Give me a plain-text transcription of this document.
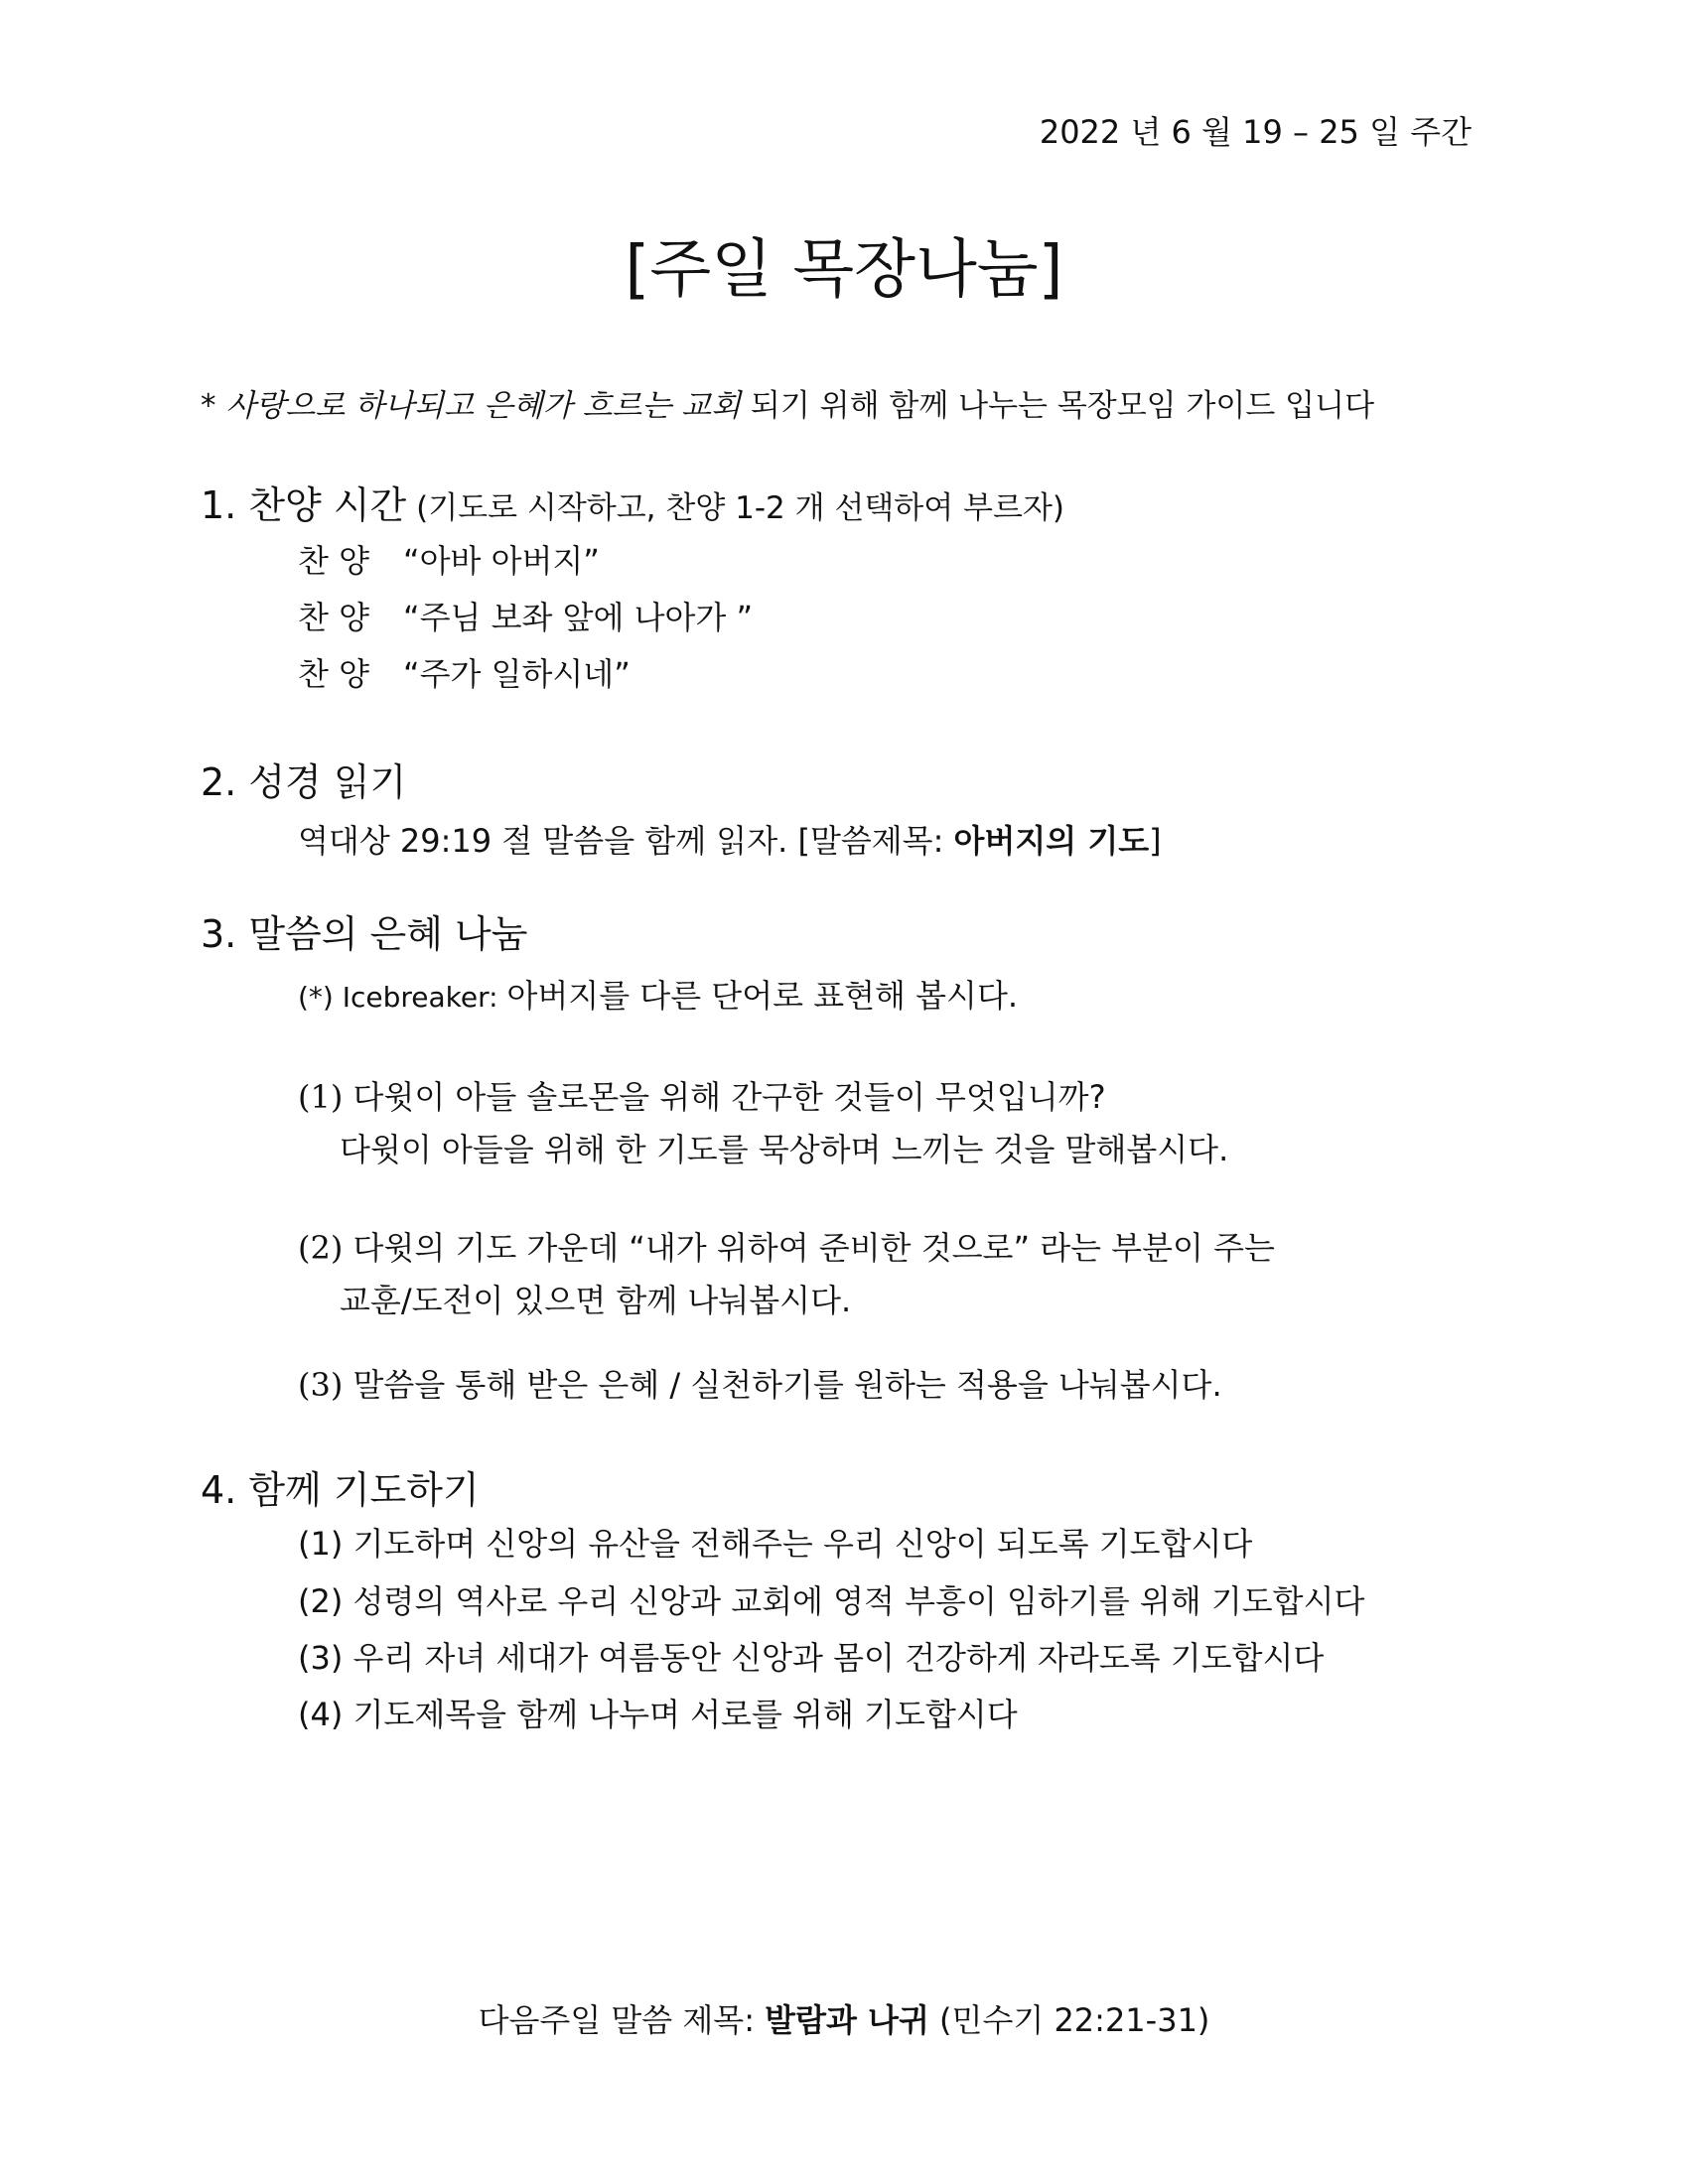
2022 년 6 월 19 – 25 일 주간
[주일 목장나눔]
* 사랑으로 하나되고 은혜가 흐르는 교회 되기 위해 함께 나누는 목장모임 가이드 입니다
1. 찬양 시간 (기도로 시작하고, 찬양 1-2 개 선택하여 부르자)
찬 양 “아바 아버지”
찬 양 “주님 보좌 앞에 나아가 ”
찬 양 “주가 일하시네”
2. 성경 읽기
역대상 29:19 절 말씀을 함께 읽자. [말씀제목: 아버지의 기도]
3. 말씀의 은혜 나눔
(*) Icebreaker: 아버지를 다른 단어로 표현해 봅시다.
(1) 다윗이 아들 솔로몬을 위해 간구한 것들이 무엇입니까?
다윗이 아들을 위해 한 기도를 묵상하며 느끼는 것을 말해봅시다.
(2) 다윗의 기도 가운데 “내가 위하여 준비한 것으로” 라는 부분이 주는
교훈/도전이 있으면 함께 나눠봅시다.
(3) 말씀을 통해 받은 은혜 / 실천하기를 원하는 적용을 나눠봅시다.
4. 함께 기도하기
(1) 기도하며 신앙의 유산을 전해주는 우리 신앙이 되도록 기도합시다
(2) 성령의 역사로 우리 신앙과 교회에 영적 부흥이 임하기를 위해 기도합시다
(3) 우리 자녀 세대가 여름동안 신앙과 몸이 건강하게 자라도록 기도합시다
(4) 기도제목을 함께 나누며 서로를 위해 기도합시다
다음주일 말씀 제목: 발람과 나귀 (민수기 22:21-31)
